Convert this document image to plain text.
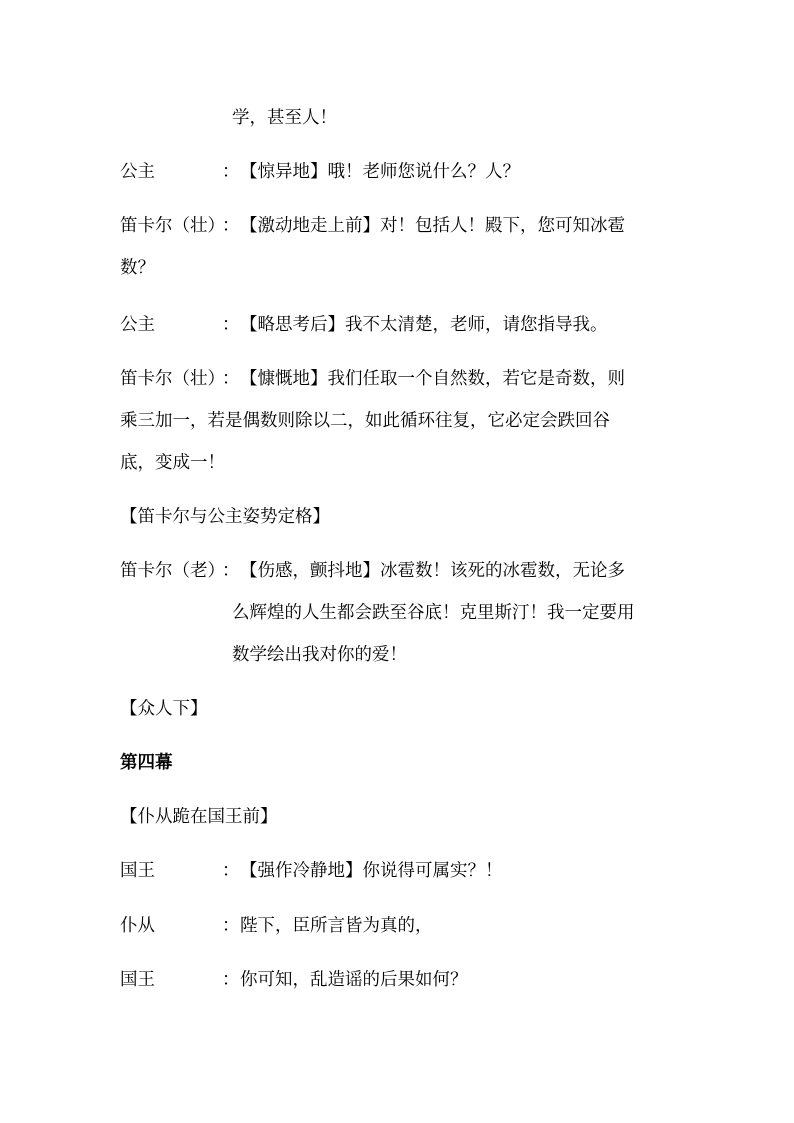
学，甚至人！
公主	：【惊异地】哦！老师您说什么？人？
笛卡尔（壮）：【激动地走上前】对！包括人！殿下，您可知冰雹
数？
公主	：【略思考后】我不太清楚，老师，请您指导我。
笛卡尔（壮）：【慷慨地】我们任取一个自然数，若它是奇数，则
乘三加一，若是偶数则除以二，如此循环往复，它必定会跌回谷
底，变成一！
【笛卡尔与公主姿势定格】
笛卡尔（老）：【伤感，颤抖地】冰雹数！该死的冰雹数，无论多
么辉煌的人生都会跌至谷底！克里斯汀！我一定要用
数学绘出我对你的爱！
【众人下】
第四幕
【仆从跪在国王前】
国王	：【强作冷静地】你说得可属实？！
仆从	：陛下，臣所言皆为真的，
国王	：你可知，乱造谣的后果如何？
